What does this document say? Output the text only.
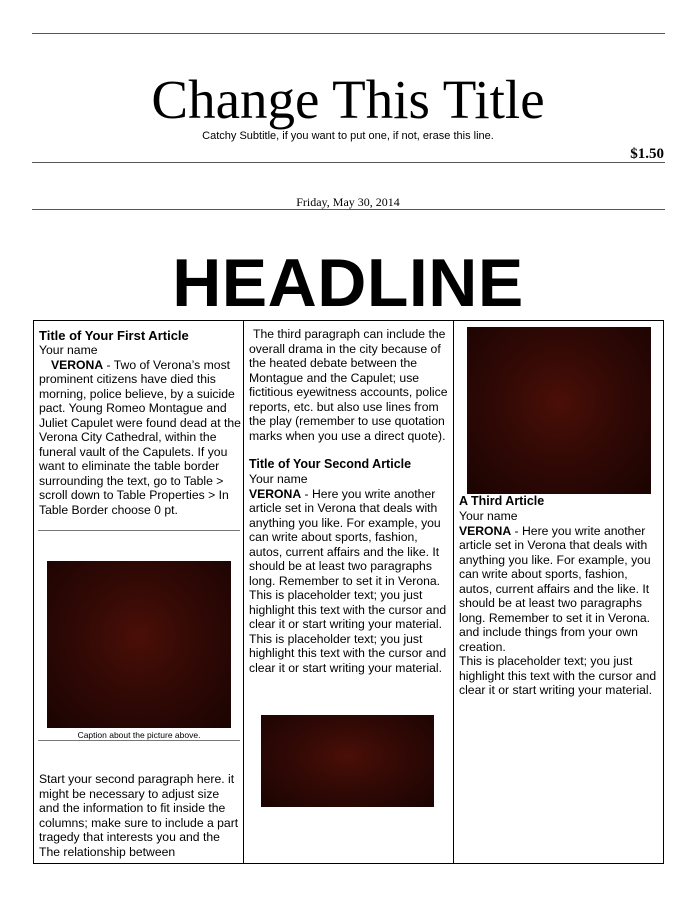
Change This Title
Catchy Subtitle, if you want to put one, if not, erase this line.
$1.50
Friday, May 30, 2014
HEADLINE
Title of Your First Article
Your name
VERONA - Two of Verona’s most prominent citizens have died this morning, police believe, by a suicide pact. Young Romeo Montague and Juliet Capulet were found dead at the Verona City Cathedral, within the funeral vault of the Capulets. If you want to eliminate the table border surrounding the text, go to Table > scroll down to Table Properties > In Table Border choose 0 pt.
Caption about the picture above.
Start your second paragraph here. it might be necessary to adjust size and the information to fit inside the columns; make sure to include a part tragedy that interests you and the The relationship between
The third paragraph can include the overall drama in the city because of the heated debate between the Montague and the Capulet; use fictitious eyewitness accounts, police reports, etc. but also use lines from the play (remember to use quotation marks when you use a direct quote).
Title of Your Second Article
Your name
VERONA - Here you write another article set in Verona that deals with anything you like. For example, you can write about sports, fashion, autos, current affairs and the like. It should be at least two paragraphs long. Remember to set it in Verona. This is placeholder text; you just highlight this text with the cursor and clear it or start writing your material.
This is placeholder text; you just highlight this text with the cursor and clear it or start writing your material.
A Third Article
Your name
VERONA - Here you write another article set in Verona that deals with anything you like. For example, you can write about sports, fashion, autos, current affairs and the like. It should be at least two paragraphs long. Remember to set it in Verona. and include things from your own creation.
This is placeholder text; you just highlight this text with the cursor and clear it or start writing your material.
